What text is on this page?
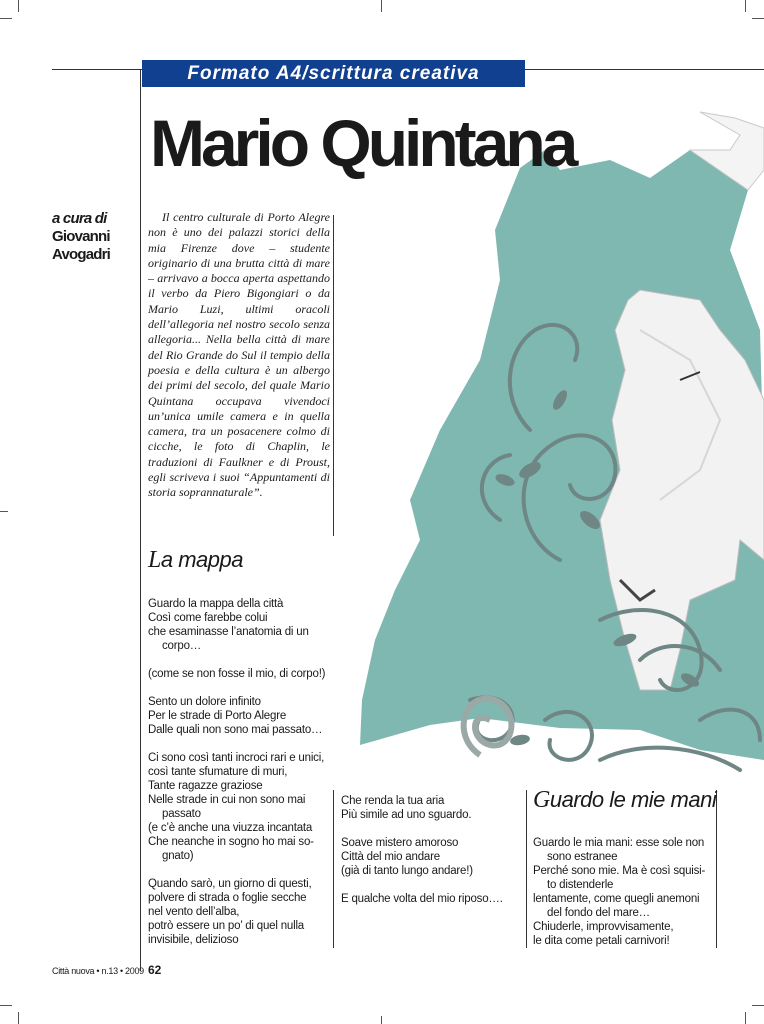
Formato A4/scrittura creativa
Mario Quintana
a cura di
Giovanni
Avogadri
Il centro culturale di Porto Alegre non è uno dei palazzi storici della mia Firenze dove – studente originario di una brutta città di mare – arrivavo a bocca aperta aspettando il verbo da Piero Bigongiari o da Mario Luzi, ultimi oracoli dell’allegoria nel nostro secolo senza allegoria... Nella bella città di mare del Rio Grande do Sul il tempio della poesia e della cultura è un albergo dei primi del secolo, del quale Mario Quintana occupava vivendoci un’unica umile camera e in quella camera, tra un posacenere colmo di cicche, le foto di Chaplin, le traduzioni di Faulkner e di Proust, egli scriveva i suoi “Appuntamenti di storia soprannaturale”.
La mappa
Guardo la mappa della città
Così come farebbe colui
che esaminasse l’anatomia di un
corpo…
(come se non fosse il mio, di corpo!)
Sento un dolore infinito
Per le strade di Porto Alegre
Dalle quali non sono mai passato…
Ci sono così tanti incroci rari e unici,
così tante sfumature di muri,
Tante ragazze graziose
Nelle strade in cui non sono mai
passato
(e c’è anche una viuzza incantata
Che neanche in sogno ho mai so-
gnato)
Quando sarò, un giorno di questi,
polvere di strada o foglie secche
nel vento dell’alba,
potrò essere un po’ di quel nulla
invisibile, delizioso
Che renda la tua aria
Più simile ad uno sguardo.
Soave mistero amoroso
Città del mio andare
(già di tanto lungo andare!)
E qualche volta del mio riposo….
Guardo le mie mani
Guardo le mia mani: esse sole non
sono estranee
Perché sono mie. Ma è così squisi-
to distenderle
lentamente, come quegli anemoni
del fondo del mare…
Chiuderle, improvvisamente,
le dita come petali carnivori!
Città nuova • n.13 • 2009 62
